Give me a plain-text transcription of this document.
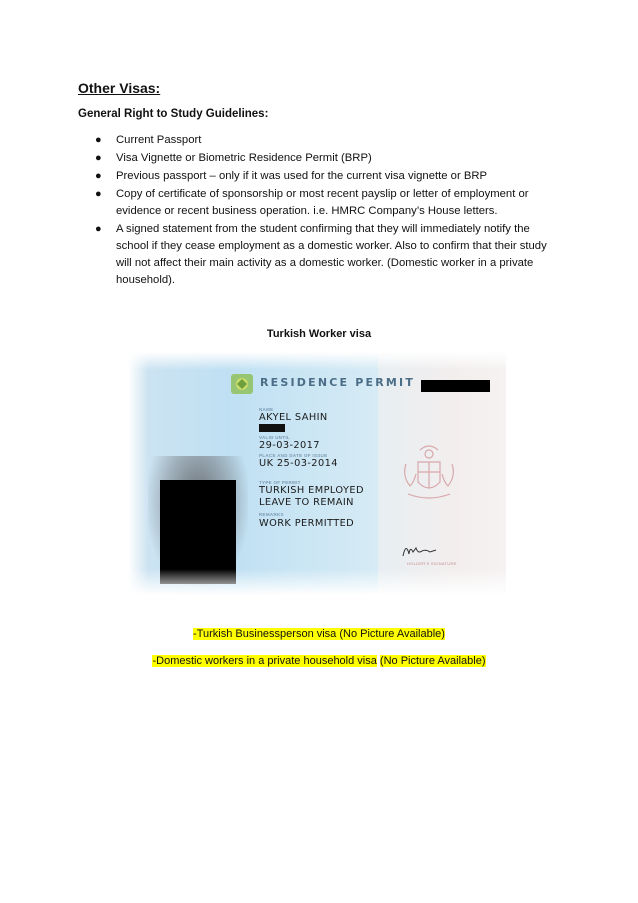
Other Visas:
General Right to Study Guidelines:
● Current Passport
● Visa Vignette or Biometric Residence Permit (BRP)
● Previous passport – only if it was used for the current visa vignette or BRP
● Copy of certificate of sponsorship or most recent payslip or letter of employment or evidence or recent business operation. i.e. HMRC Company’s House letters.
● A signed statement from the student confirming that they will immediately notify the school if they cease employment as a domestic worker. Also to confirm that their study will not affect their main activity as a domestic worker. (Domestic worker in a private household).
Turkish Worker visa
RESIDENCE PERMIT
NAME
AKYEL SAHIN
VALID UNTIL
29-03-2017
PLACE AND DATE OF ISSUE
UK 25-03-2014
TYPE OF PERMIT
TURKISH EMPLOYED
LEAVE TO REMAIN
REMARKS
WORK PERMITTED
HOLDER'S SIGNATURE
-Turkish Businessperson visa (No Picture Available)
-Domestic workers in a private household visa (No Picture Available)
